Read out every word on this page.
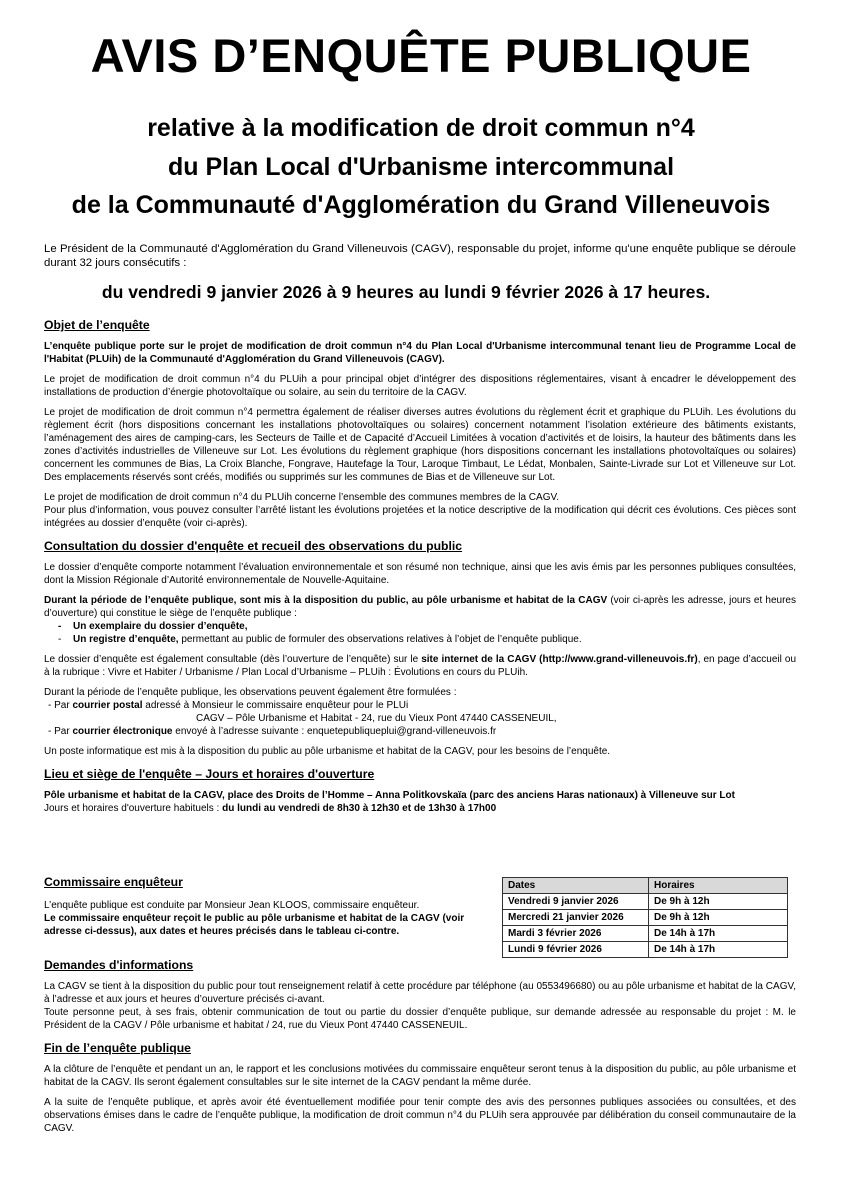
AVIS D’ENQUÊTE PUBLIQUE
relative à la modification de droit commun n°4
du Plan Local d'Urbanisme intercommunal
de la Communauté d'Agglomération du Grand Villeneuvois
Le Président de la Communauté d'Agglomération du Grand Villeneuvois (CAGV), responsable du projet, informe qu'une enquête publique se déroule durant 32 jours consécutifs :
du vendredi 9 janvier 2026 à 9 heures au lundi 9 février 2026 à 17 heures.
Objet de l’enquête

L’enquête publique porte sur le projet de modification de droit commun n°4 du Plan Local d'Urbanisme intercommunal tenant lieu de Programme Local de l'Habitat (PLUih) de la Communauté d'Agglomération du Grand Villeneuvois (CAGV).

Le projet de modification de droit commun n°4 du PLUih a pour principal objet d’intégrer des dispositions réglementaires, visant à encadrer le développement des installations de production d’énergie photovoltaïque ou solaire, au sein du territoire de la CAGV.

Le projet de modification de droit commun n°4 permettra également de réaliser diverses autres évolutions du règlement écrit et graphique du PLUih. Les évolutions du règlement écrit (hors dispositions concernant les installations photovoltaïques ou solaires) concernent notamment l’isolation extérieure des bâtiments existants, l’aménagement des aires de camping-cars, les Secteurs de Taille et de Capacité d’Accueil Limitées à vocation d’activités et de loisirs, la hauteur des bâtiments dans les zones d’activités industrielles de Villeneuve sur Lot. Les évolutions du règlement graphique (hors dispositions concernant les installations photovoltaïques ou solaires) concernent les communes de Bias, La Croix Blanche, Fongrave, Hautefage la Tour, Laroque Timbaut, Le Lédat, Monbalen, Sainte-Livrade sur Lot et Villeneuve sur Lot. Des emplacements réservés sont créés, modifiés ou supprimés sur les communes de Bias et de Villeneuve sur Lot.

Le projet de modification de droit commun n°4 du PLUih concerne l’ensemble des communes membres de la CAGV.
Pour plus d’information, vous pouvez consulter l’arrêté listant les évolutions projetées et la notice descriptive de la modification qui décrit ces évolutions. Ces pièces sont intégrées au dossier d’enquête (voir ci-après).

Consultation du dossier d'enquête et recueil des observations du public

Le dossier d’enquête comporte notamment l’évaluation environnementale et son résumé non technique, ainsi que les avis émis par les personnes publiques consultées, dont la Mission Régionale d’Autorité environnementale de Nouvelle-Aquitaine.

Durant la période de l’enquête publique, sont mis à la disposition du public, au pôle urbanisme et habitat de la CAGV (voir ci-après les adresse, jours et heures d’ouverture) qui constitue le siège de l’enquête publique :

- Un exemplaire du dossier d’enquête,
- Un registre d’enquête, permettant au public de formuler des observations relatives à l’objet de l’enquête publique.

Le dossier d’enquête est également consultable (dès l’ouverture de l’enquête) sur le site internet de la CAGV (http://www.grand-villeneuvois.fr), en page d’accueil ou à la rubrique : Vivre et Habiter / Urbanisme / Plan Local d’Urbanisme – PLUih : Évolutions en cours du PLUih.

Durant la période de l’enquête publique, les observations peuvent également être formulées :
- Par courrier postal adressé à Monsieur le commissaire enquêteur pour le PLUi
CAGV – Pôle Urbanisme et Habitat - 24, rue du Vieux Pont 47440 CASSENEUIL,
- Par courrier électronique envoyé à l’adresse suivante : enquetepubliqueplui@grand-villeneuvois.fr

Un poste informatique est mis à la disposition du public au pôle urbanisme et habitat de la CAGV, pour les besoins de l’enquête.

Lieu et siège de l'enquête – Jours et horaires d'ouverture

Pôle urbanisme et habitat de la CAGV, place des Droits de l’Homme – Anna Politkovskaïa (parc des anciens Haras nationaux) à Villeneuve sur Lot
Jours et horaires d'ouverture habituels : du lundi au vendredi de 8h30 à 12h30 et de 13h30 à 17h00

Commissaire enquêteur
L’enquête publique est conduite par Monsieur Jean KLOOS, commissaire enquêteur.
Le commissaire enquêteur reçoit le public au pôle urbanisme et habitat de la CAGV (voir adresse ci-dessus), aux dates et heures précisés dans le tableau ci-contre.
Dates	Horaires
Vendredi 9 janvier 2026	De 9h à 12h
Mercredi 21 janvier 2026	De 9h à 12h
Mardi 3 février 2026	De 14h à 17h
Lundi 9 février 2026	De 14h à 17h
Demandes d'informations

La CAGV se tient à la disposition du public pour tout renseignement relatif à cette procédure par téléphone (au 0553496680) ou au pôle urbanisme et habitat de la CAGV, à l’adresse et aux jours et heures d’ouverture précisés ci-avant.
Toute personne peut, à ses frais, obtenir communication de tout ou partie du dossier d’enquête publique, sur demande adressée au responsable du projet : M. le Président de la CAGV / Pôle urbanisme et habitat / 24, rue du Vieux Pont 47440 CASSENEUIL.

Fin de l’enquête publique

A la clôture de l’enquête et pendant un an, le rapport et les conclusions motivées du commissaire enquêteur seront tenus à la disposition du public, au pôle urbanisme et habitat de la CAGV. Ils seront également consultables sur le site internet de la CAGV pendant la même durée.

A la suite de l’enquête publique, et après avoir été éventuellement modifiée pour tenir compte des avis des personnes publiques associées ou consultées, et des observations émises dans le cadre de l’enquête publique, la modification de droit commun n°4 du PLUih sera approuvée par délibération du conseil communautaire de la CAGV.
